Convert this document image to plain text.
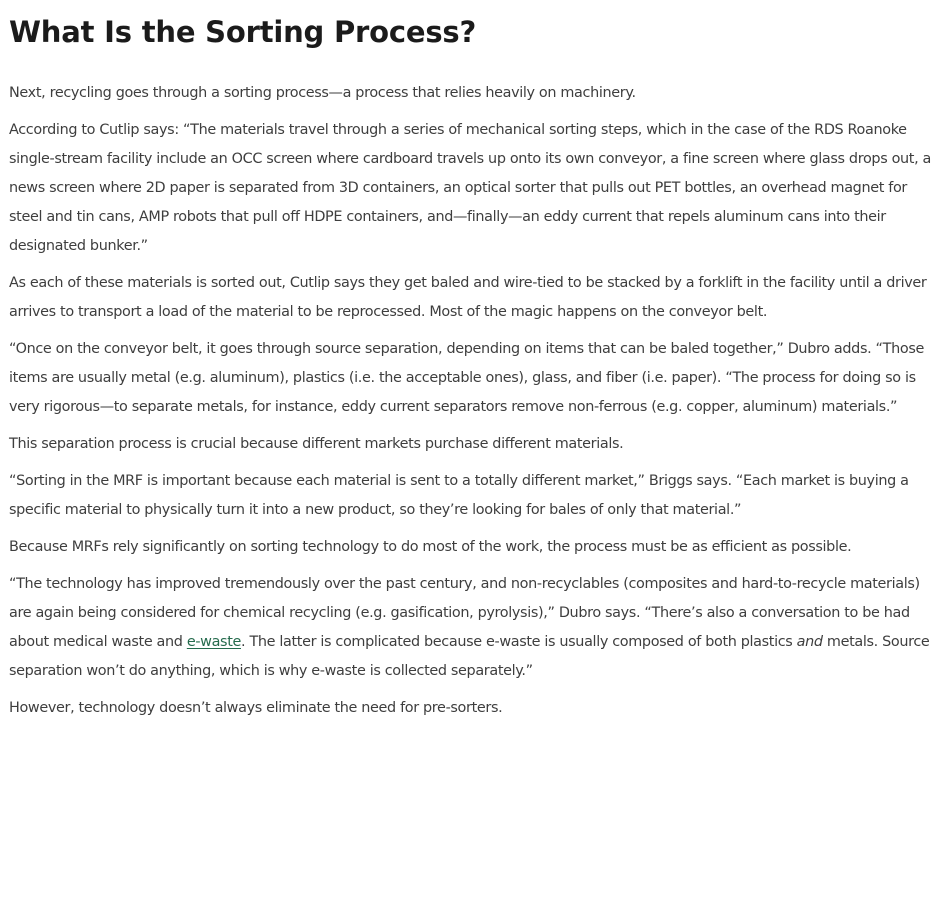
What Is the Sorting Process?

Next, recycling goes through a sorting process—a process that relies heavily on machinery.

According to Cutlip says: “The materials travel through a series of mechanical sorting steps, which in the case of the RDS Roanoke single-stream facility include an OCC screen where cardboard travels up onto its own conveyor, a fine screen where glass drops out, a news screen where 2D paper is separated from 3D containers, an optical sorter that pulls out PET bottles, an overhead magnet for steel and tin cans, AMP robots that pull off HDPE containers, and—finally—an eddy current that repels aluminum cans into their designated bunker.”

As each of these materials is sorted out, Cutlip says they get baled and wire-tied to be stacked by a forklift in the facility until a driver arrives to transport a load of the material to be reprocessed. Most of the magic happens on the conveyor belt.

“Once on the conveyor belt, it goes through source separation, depending on items that can be baled together,” Dubro adds. “Those items are usually metal (e.g. aluminum), plastics (i.e. the acceptable ones), glass, and fiber (i.e. paper). “The process for doing so is very rigorous—to separate metals, for instance, eddy current separators remove non-ferrous (e.g. copper, aluminum) materials.”

This separation process is crucial because different markets purchase different materials.

“Sorting in the MRF is important because each material is sent to a totally different market,” Briggs says. “Each market is buying a specific material to physically turn it into a new product, so they’re looking for bales of only that material.”

Because MRFs rely significantly on sorting technology to do most of the work, the process must be as efficient as possible.

“The technology has improved tremendously over the past century, and non-recyclables (composites and hard-to-recycle materials) are again being considered for chemical recycling (e.g. gasification, pyrolysis),” Dubro says. “There’s also a conversation to be had about medical waste and e-waste. The latter is complicated because e-waste is usually composed of both plastics and metals. Source separation won’t do anything, which is why e-waste is collected separately.”

However, technology doesn’t always eliminate the need for pre-sorters.
